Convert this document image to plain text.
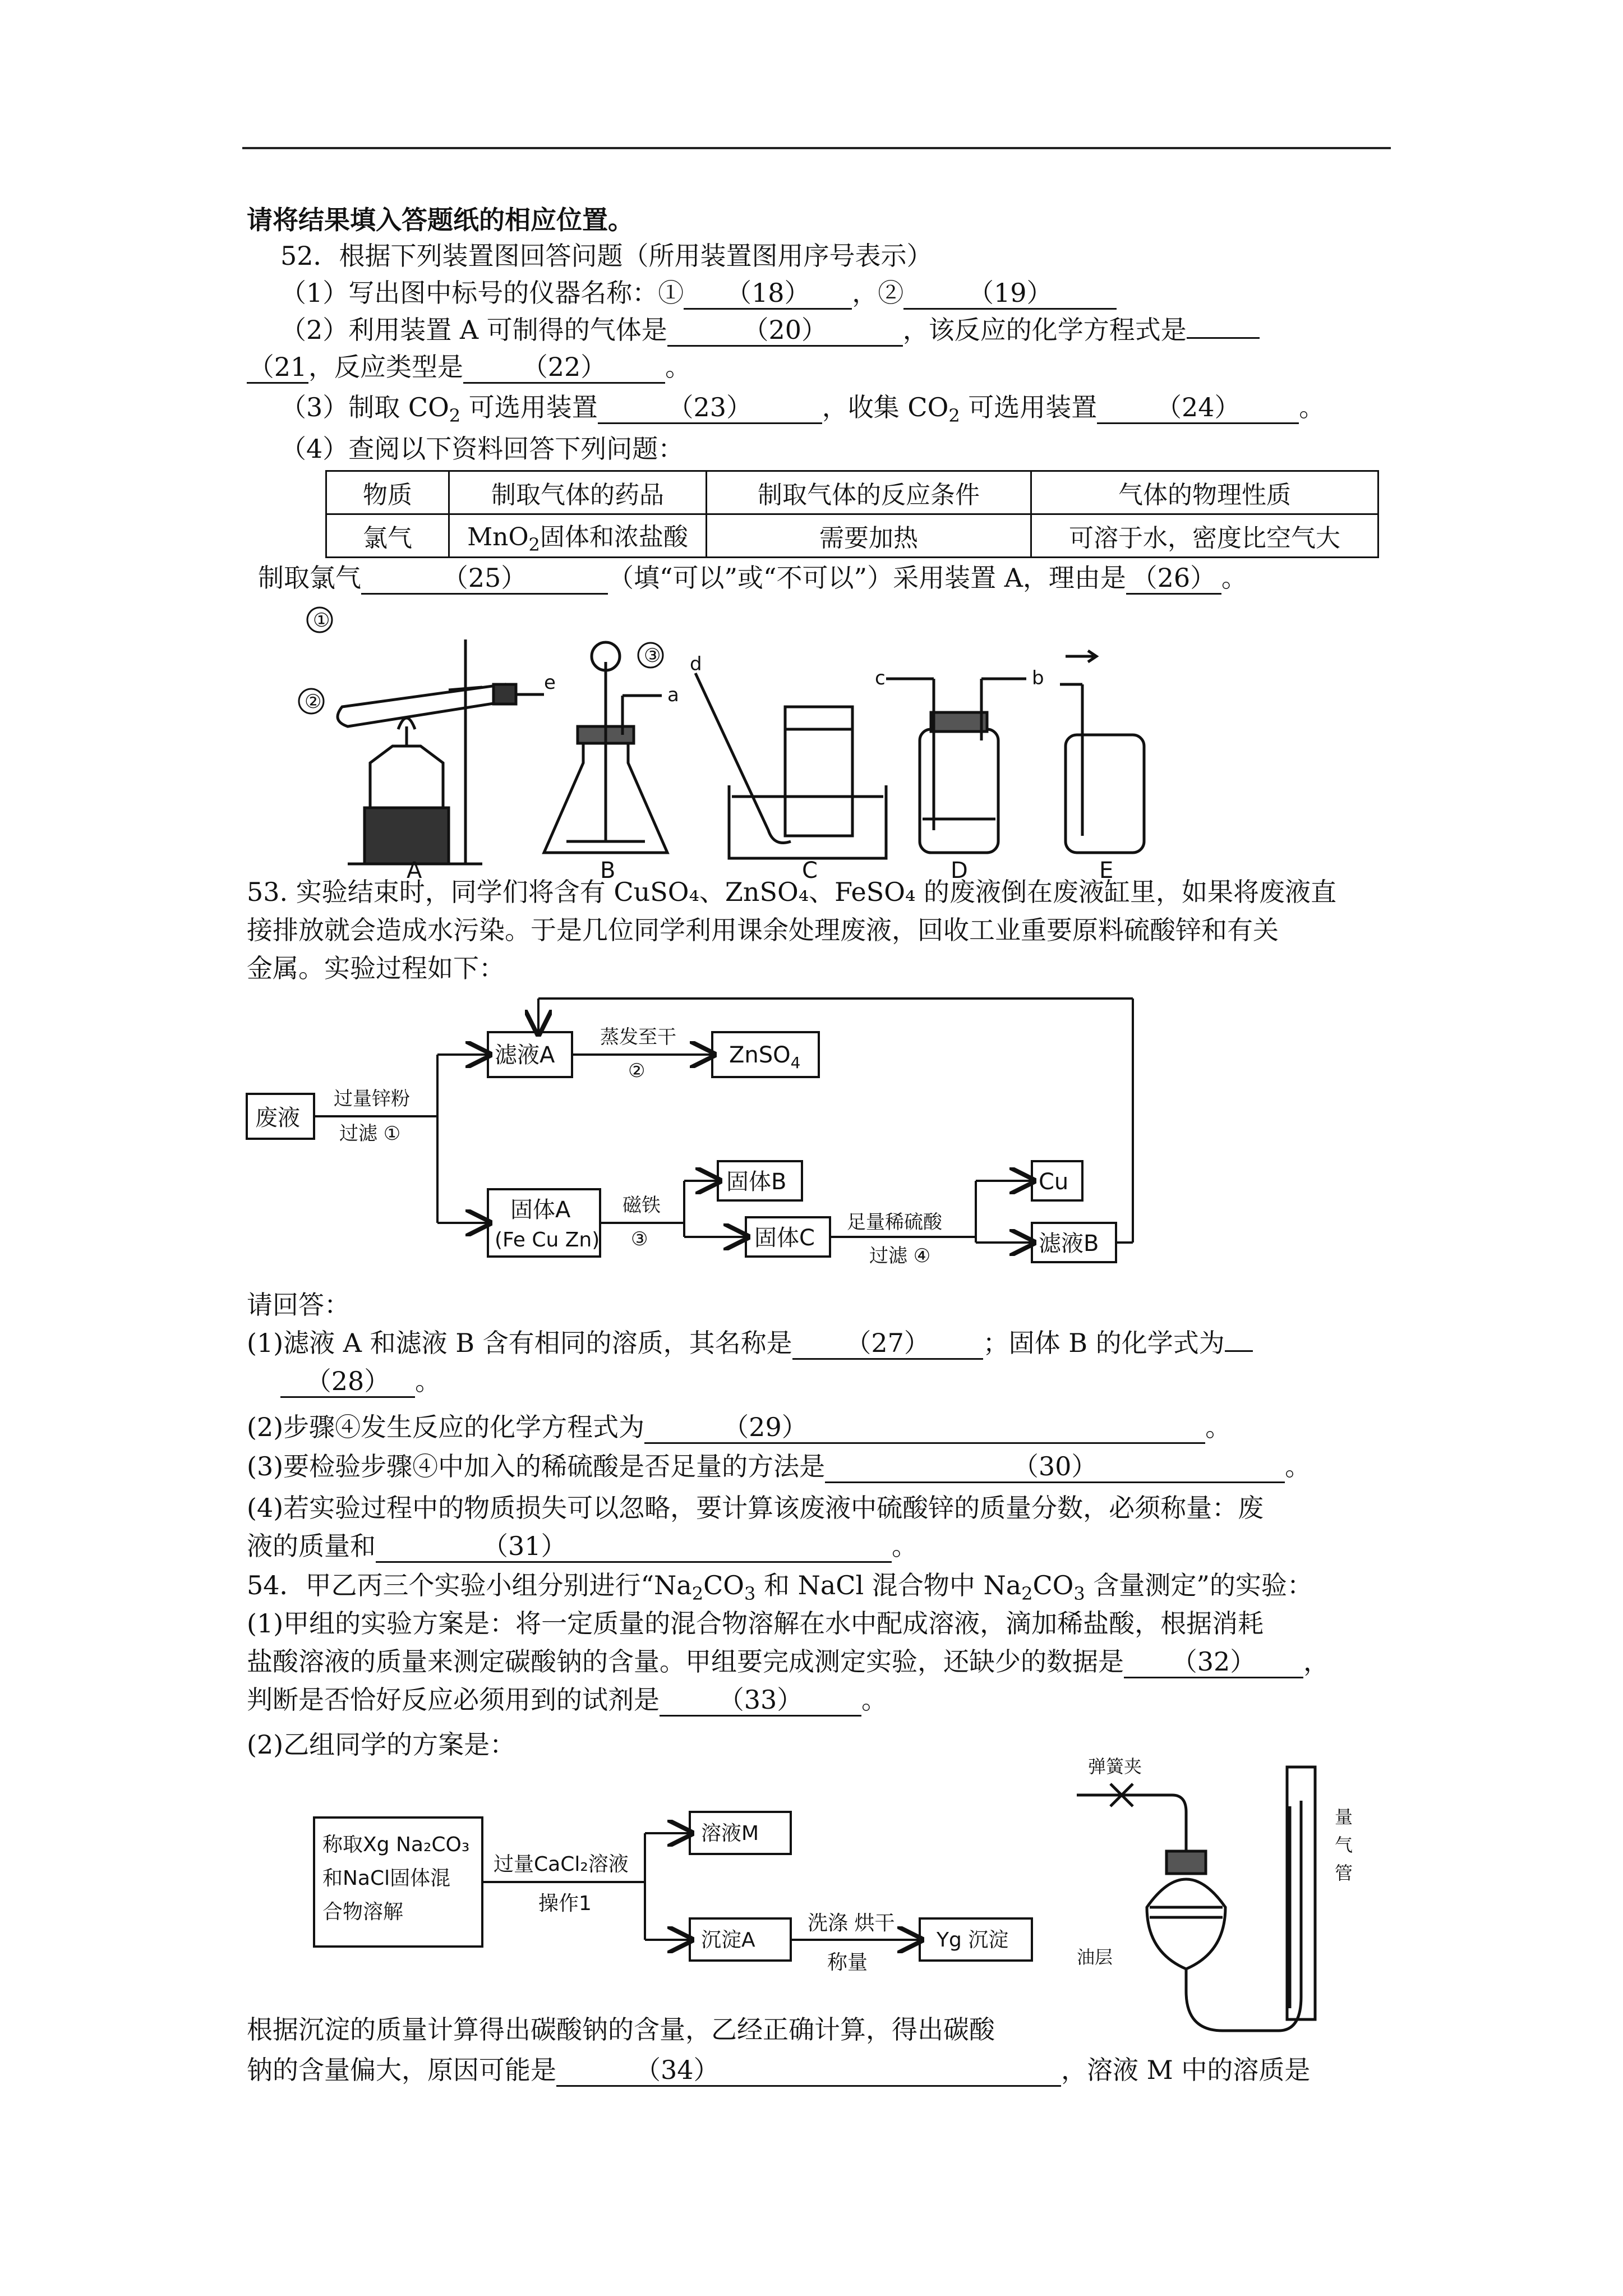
请将结果填入答题纸的相应位置。
52．根据下列装置图回答问题（所用装置图用序号表示）
（1）写出图中标号的仪器名称：① （18） ，② （19）
（2）利用装置 A 可制得的气体是	（20）	，该反应的化学方程式是
（21，反应类型是 （22） 。
（3）制取 $CO_2$ 可选用装置	（23）	，收集 $CO_2$ 可选用装置 （24） 。
（4）查阅以下资料回答下列问题：
物质	制取气体的药品	制取气体的反应条件	气体的物理性质
氯气	MnO$_2$固体和浓盐酸	需要加热	可溶于水，密度比空气大
制取氯气	（25）	（填“可以”或“不可以”）采用装置 A，理由是 （26） 。
①
②
③
e
a
d
c	b
A	B	C	D	E
53. 实验结束时，同学们将含有 CuSO₄、ZnSO₄、FeSO₄ 的废液倒在废液缸里，如果将废液直
接排放就会造成水污染。于是几位同学利用课余处理废液，回收工业重要原料硫酸锌和有关
金属。实验过程如下：
废液
过量锌粉
过滤 ①
滤液A
蒸发至干
②
ZnSO$_4$
固体A
(Fe Cu Zn)
磁铁
③
固体B
固体C
足量稀硫酸
过滤 ④
Cu
滤液B
请回答：
(1)滤液 A 和滤液 B 含有相同的溶质，其名称是 （27） ；固体 B 的化学式为
（28） 。
(2)步骤④发生反应的化学方程式为	（29）	。
(3)要检验步骤④中加入的稀硫酸是否足量的方法是	（30）	。
(4)若实验过程中的物质损失可以忽略，要计算该废液中硫酸锌的质量分数，必须称量：废
液的质量和	（31）	。
54．甲乙丙三个实验小组分别进行“$Na_2CO_3$ 和 NaCl 混合物中 $Na_2CO_3$ 含量测定”的实验：
(1)甲组的实验方案是：将一定质量的混合物溶解在水中配成溶液，滴加稀盐酸，根据消耗
盐酸溶液的质量来测定碳酸钠的含量。甲组要完成测定实验，还缺少的数据是 （32） ，
判断是否恰好反应必须用到的试剂是 （33） 。
(2)乙组同学的方案是：
称取Xg Na₂CO₃
和NaCl固体混
合物溶解
过量CaCl₂溶液
操作1
溶液M
沉淀A
洗涤 烘干
称量
Yg 沉淀
弹簧夹
量
气
管
油层
根据沉淀的质量计算得出碳酸钠的含量，乙经正确计算，得出碳酸
钠的含量偏大，原因可能是	（34）	，溶液 M 中的溶质是
